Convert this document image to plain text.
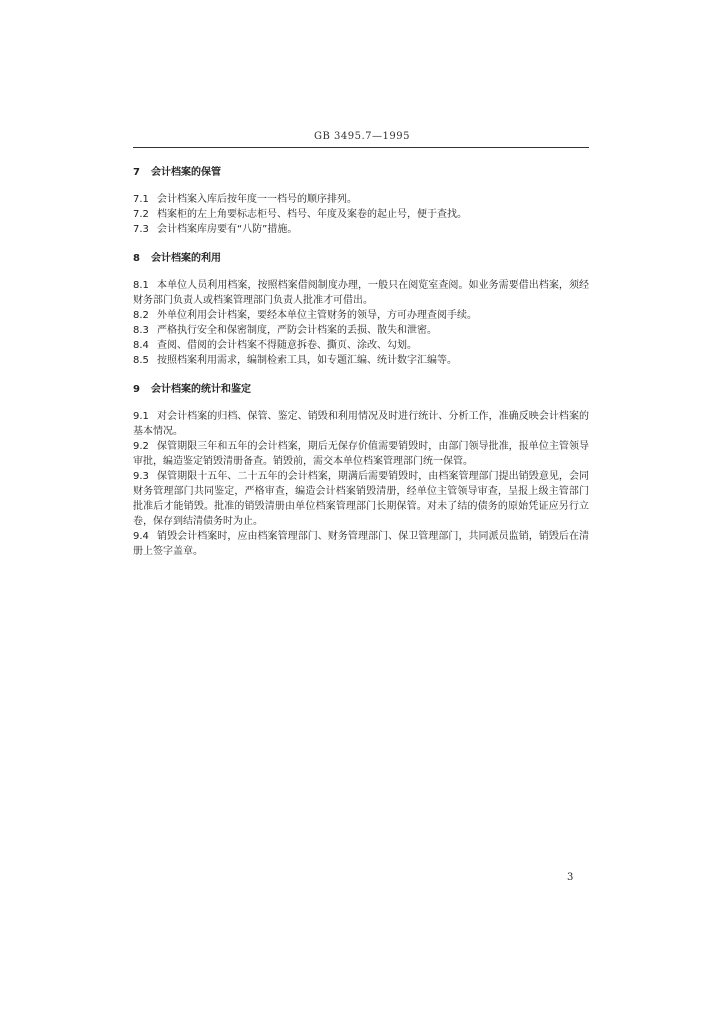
GB 3495.7—1995
7 会计档案的保管
7.1 会计档案入库后按年度一一档号的顺序排列。
7.2 档案柜的左上角要标志柜号、档号、年度及案卷的起止号，便于查找。
7.3 会计档案库房要有“八防”措施。
8 会计档案的利用
8.1 本单位人员利用档案，按照档案借阅制度办理，一般只在阅览室查阅。如业务需要借出档案，须经财务部门负责人或档案管理部门负责人批准才可借出。
8.2 外单位利用会计档案，要经本单位主管财务的领导，方可办理查阅手续。
8.3 严格执行安全和保密制度，严防会计档案的丢损、散失和泄密。
8.4 查阅、借阅的会计档案不得随意拆卷、撕页、涂改、勾划。
8.5 按照档案利用需求，编制检索工具，如专题汇编、统计数字汇编等。
9 会计档案的统计和鉴定
9.1 对会计档案的归档、保管、鉴定、销毁和利用情况及时进行统计、分析工作，准确反映会计档案的基本情况。
9.2 保管期限三年和五年的会计档案，期后无保存价值需要销毁时，由部门领导批准，报单位主管领导审批，编造鉴定销毁清册备查。销毁前，需交本单位档案管理部门统一保管。
9.3 保管期限十五年、二十五年的会计档案，期满后需要销毁时，由档案管理部门提出销毁意见，会同财务管理部门共同鉴定，严格审查，编造会计档案销毁清册，经单位主管领导审查，呈报上级主管部门批准后才能销毁。批准的销毁清册由单位档案管理部门长期保管。对未了结的债务的原始凭证应另行立卷，保存到结清债务时为止。
9.4 销毁会计档案时，应由档案管理部门、财务管理部门、保卫管理部门，共同派员监销，销毁后在清册上签字盖章。
3
